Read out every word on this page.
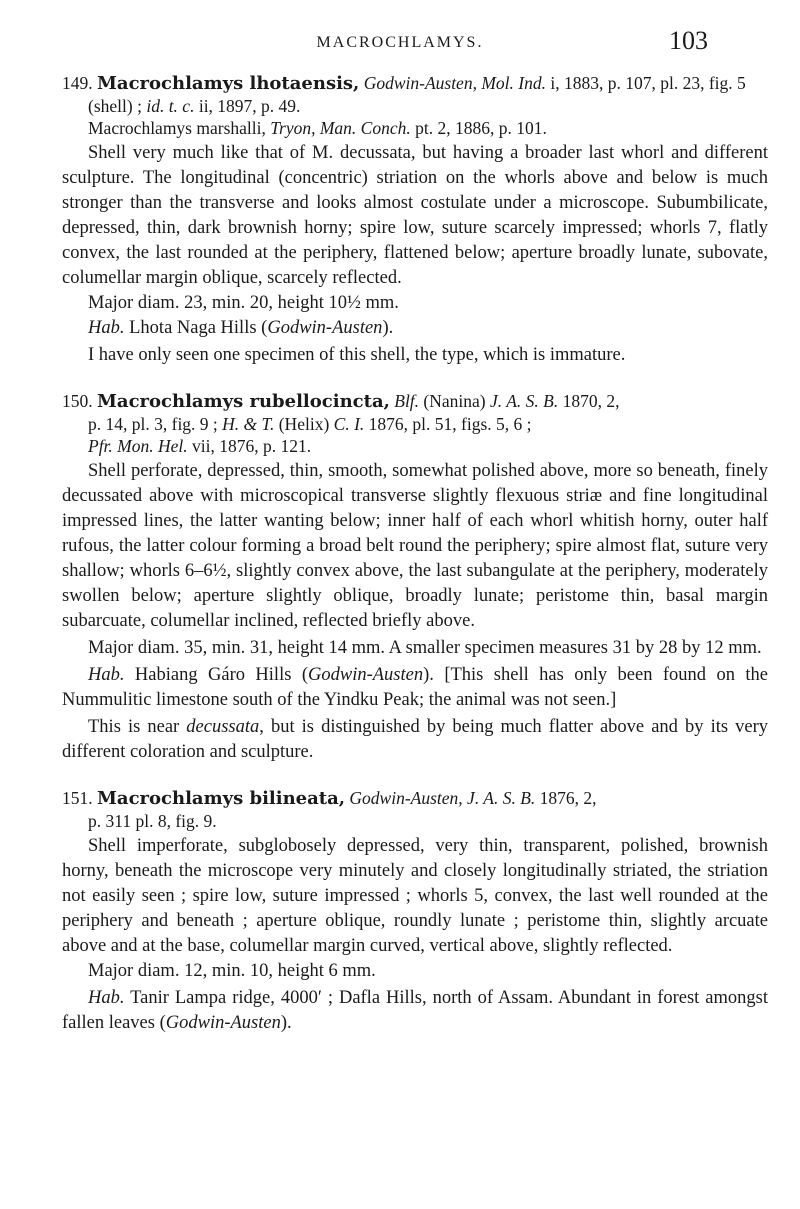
MACROCHLAMYS.	103

149. Macrochlamys lhotaensis, Godwin-Austen, Mol. Ind. i, 1883, p. 107, pl. 23, fig. 5 (shell) ; id. t. c. ii, 1897, p. 49.
Macrochlamys marshalli, Tryon, Man. Conch. pt. 2, 1886, p. 101.

Shell very much like that of M. decussata, but having a broader last whorl and different sculpture. The longitudinal (concentric) striation on the whorls above and below is much stronger than the transverse and looks almost costulate under a microscope. Subumbilicate, depressed, thin, dark brownish horny; spire low, suture scarcely impressed; whorls 7, flatly convex, the last rounded at the periphery, flattened below; aperture broadly lunate, subovate, columellar margin oblique, scarcely reflected.

Major diam. 23, min. 20, height 10½ mm.

Hab. Lhota Naga Hills (Godwin-Austen).

I have only seen one specimen of this shell, the type, which is immature.

150. Macrochlamys rubellocincta, Blf. (Nanina) J. A. S. B. 1870, 2,
p. 14, pl. 3, fig. 9 ; H. & T. (Helix) C. I. 1876, pl. 51, figs. 5, 6 ;
Pfr. Mon. Hel. vii, 1876, p. 121.

Shell perforate, depressed, thin, smooth, somewhat polished above, more so beneath, finely decussated above with microscopical transverse slightly flexuous striæ and fine longitudinal impressed lines, the latter wanting below; inner half of each whorl whitish horny, outer half rufous, the latter colour forming a broad belt round the periphery; spire almost flat, suture very shallow; whorls 6–6½, slightly convex above, the last subangulate at the periphery, moderately swollen below; aperture slightly oblique, broadly lunate; peristome thin, basal margin subarcuate, columellar inclined, reflected briefly above.

Major diam. 35, min. 31, height 14 mm. A smaller specimen measures 31 by 28 by 12 mm.

Hab. Habiang Gáro Hills (Godwin-Austen). [This shell has only been found on the Nummulitic limestone south of the Yindku Peak; the animal was not seen.]

This is near decussata, but is distinguished by being much flatter above and by its very different coloration and sculpture.

151. Macrochlamys bilineata, Godwin-Austen, J. A. S. B. 1876, 2,
p. 311 pl. 8, fig. 9.

Shell imperforate, subglobosely depressed, very thin, transparent, polished, brownish horny, beneath the microscope very minutely and closely longitudinally striated, the striation not easily seen ; spire low, suture impressed ; whorls 5, convex, the last well rounded at the periphery and beneath ; aperture oblique, roundly lunate ; peristome thin, slightly arcuate above and at the base, columellar margin curved, vertical above, slightly reflected.

Major diam. 12, min. 10, height 6 mm.

Hab. Tanir Lampa ridge, 4000′ ; Dafla Hills, north of Assam. Abundant in forest amongst fallen leaves (Godwin-Austen).
